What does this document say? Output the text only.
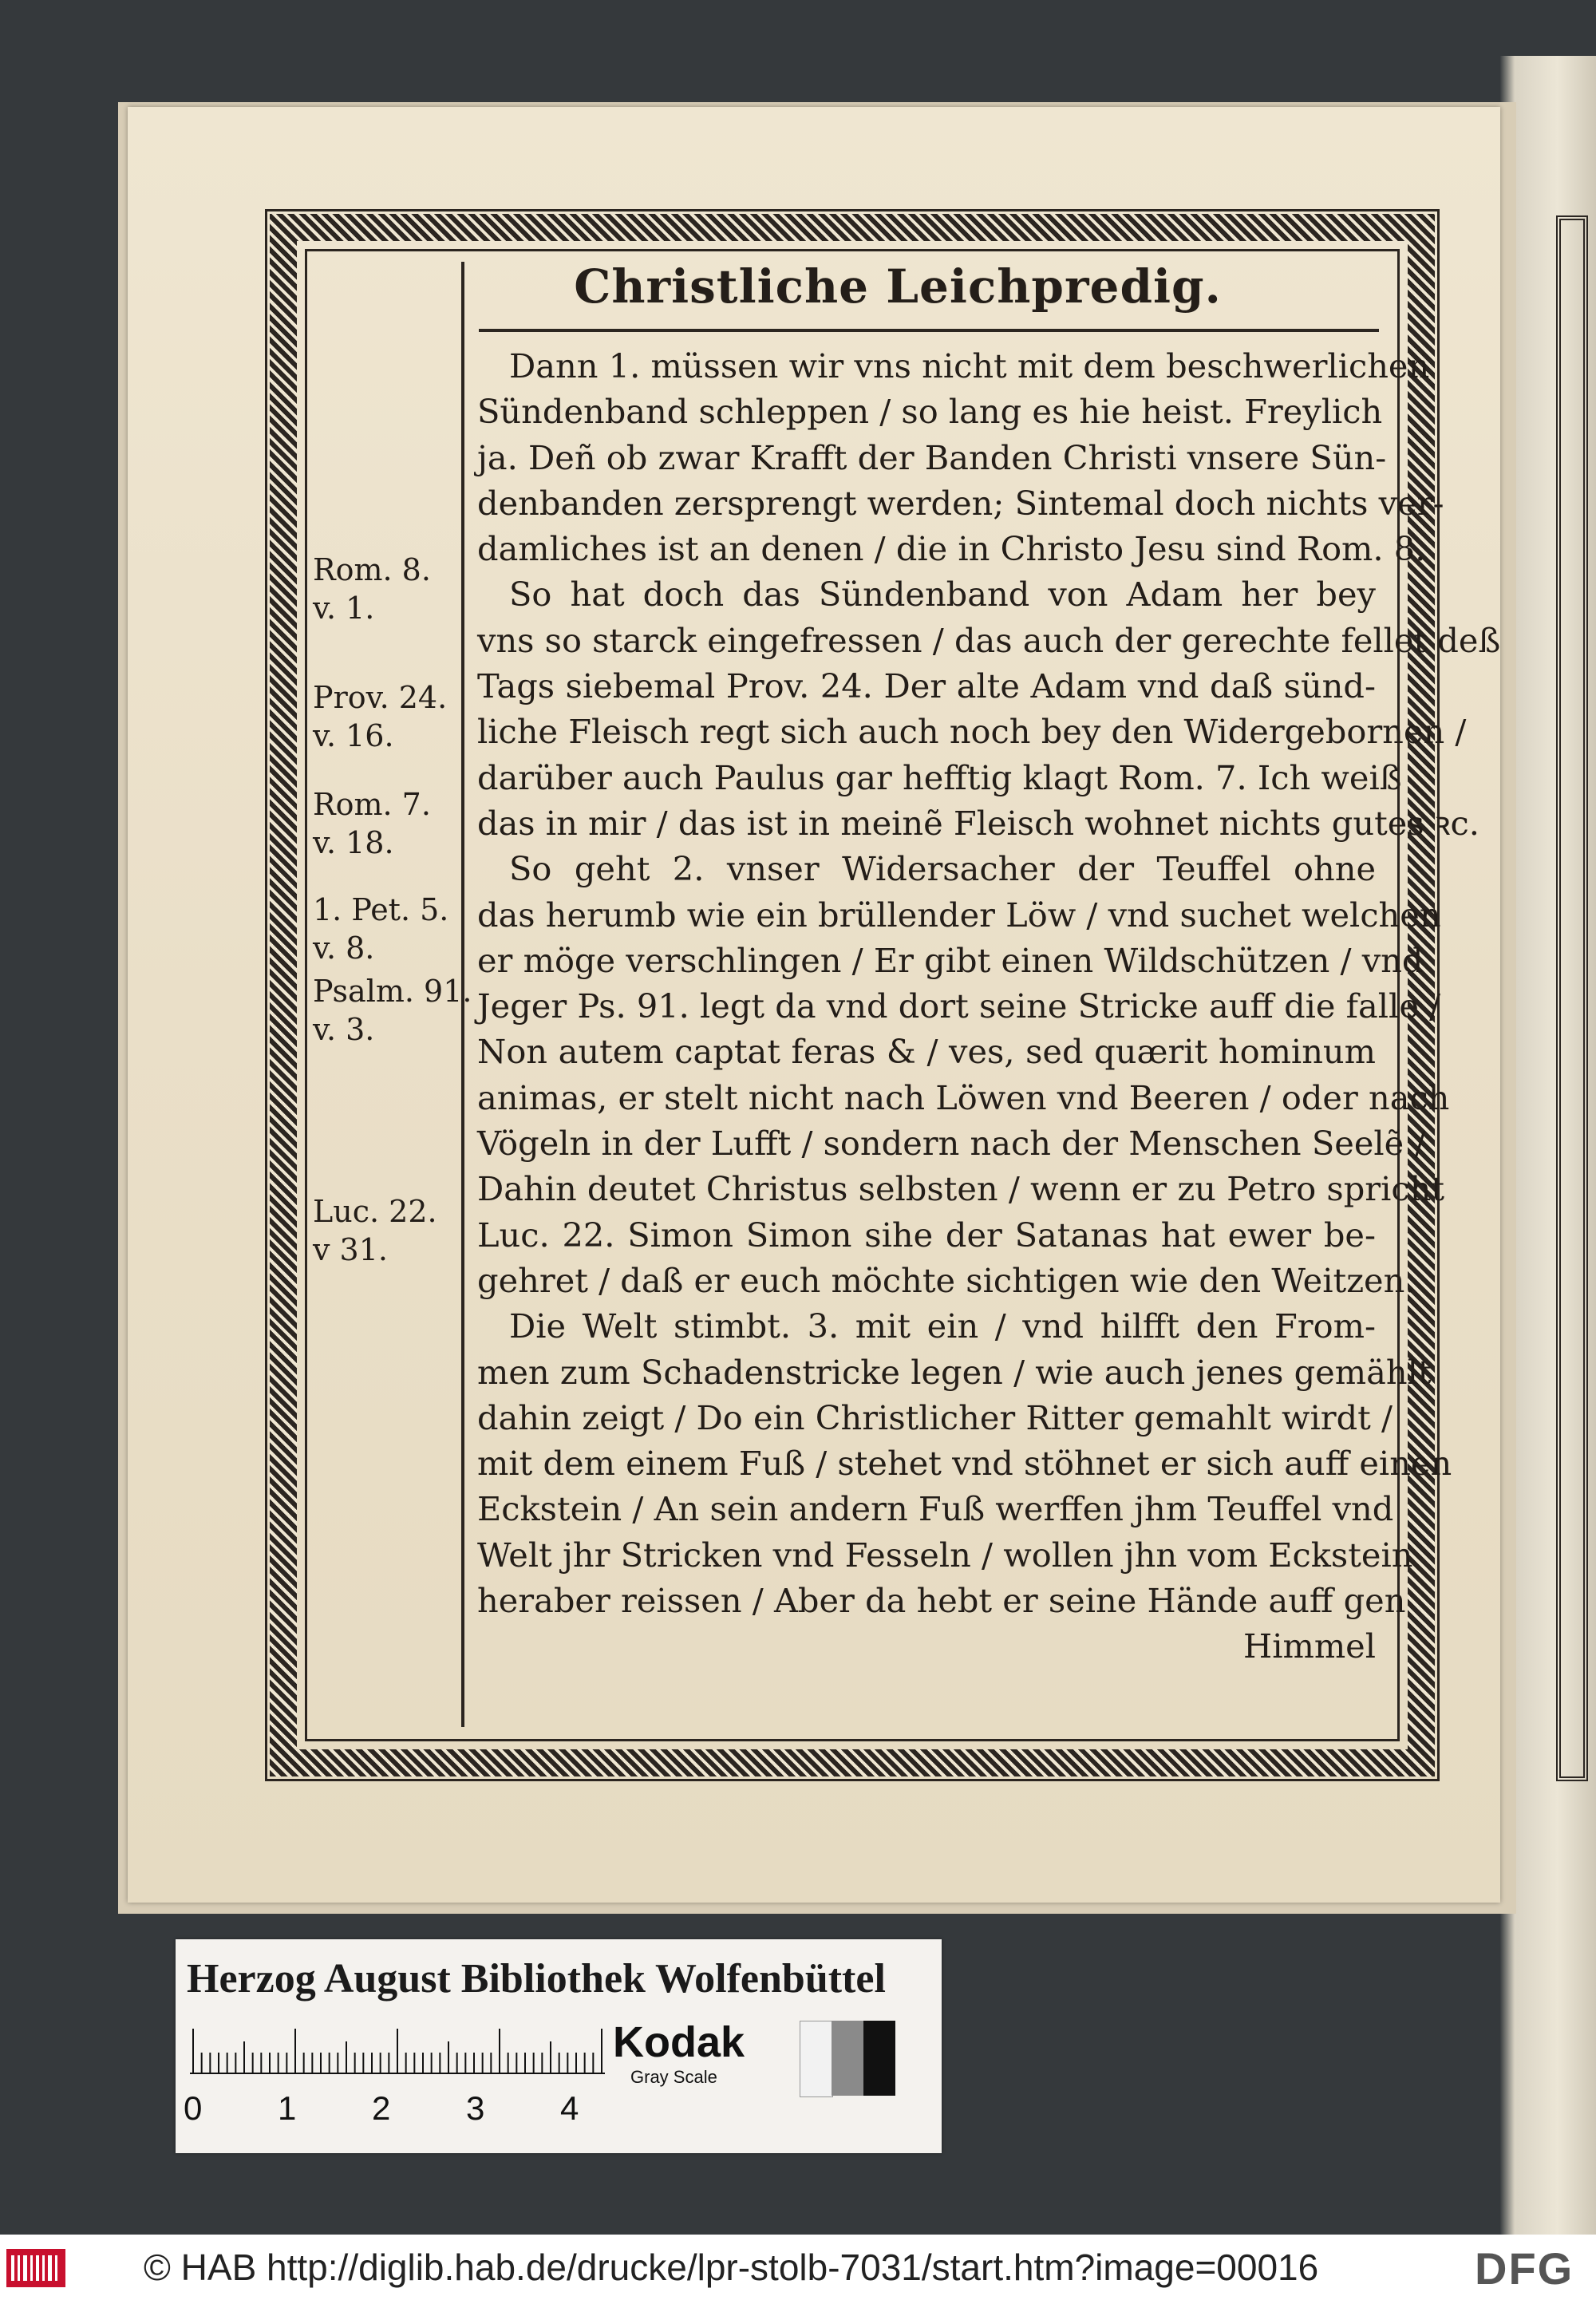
Christliche Leichpredig.
Dann 1. müssen wir vns nicht mit dem beschwerlichen
Sündenband schleppen / so lang es hie heist. Freylich
ja. Deñ ob zwar Krafft der Banden Christi vnsere Sün-
denbanden zersprengt werden; Sintemal doch nichts ver-
damliches ist an denen / die in Christo Jesu sind Rom. 8.
So hat doch das Sündenband von Adam her bey
vns so starck eingefressen / das auch der gerechte fellet deß
Tags siebemal Prov. 24. Der alte Adam vnd daß sünd-
liche Fleisch regt sich auch noch bey den Widergebornen /
darüber auch Paulus gar hefftig klagt Rom. 7. Ich weiß
das in mir / das ist in meinẽ Fleisch wohnet nichts gutes ꝛc.
So geht 2. vnser Widersacher der Teuffel ohne
das herumb wie ein brüllender Löw / vnd suchet welchen
er möge verschlingen / Er gibt einen Wildschützen / vnd
Jeger Ps. 91. legt da vnd dort seine Stricke auff die falle /
Non autem captat feras & / ves, sed quærit hominum
animas, er stelt nicht nach Löwen vnd Beeren / oder nach
Vögeln in der Lufft / sondern nach der Menschen Seelẽ /
Dahin deutet Christus selbsten / wenn er zu Petro spricht
Luc. 22. Simon Simon sihe der Satanas hat ewer be-
gehret / daß er euch möchte sichtigen wie den Weitzen.
Die Welt stimbt. 3. mit ein / vnd hilfft den From-
men zum Schadenstricke legen / wie auch jenes gemählt
dahin zeigt / Do ein Christlicher Ritter gemahlt wirdt /
mit dem einem Fuß / stehet vnd stöhnet er sich auff einen
Eckstein / An sein andern Fuß werffen jhm Teuffel vnd
Welt jhr Stricken vnd Fesseln / wollen jhn vom Eckstein
heraber reissen / Aber da hebt er seine Hände auff gen
Himmel
Rom. 8.
v. 1.
Prov. 24.
v. 16.
Rom. 7.
v. 18.
1. Pet. 5.
v. 8.
Psalm. 91.
v. 3.
Luc. 22.
v 31.
Herzog August Bibliothek Wolfenbüttel
0 1 2 3 4
Kodak
Gray Scale
© HAB http://diglib.hab.de/drucke/lpr-stolb-7031/start.htm?image=00016	DFG
